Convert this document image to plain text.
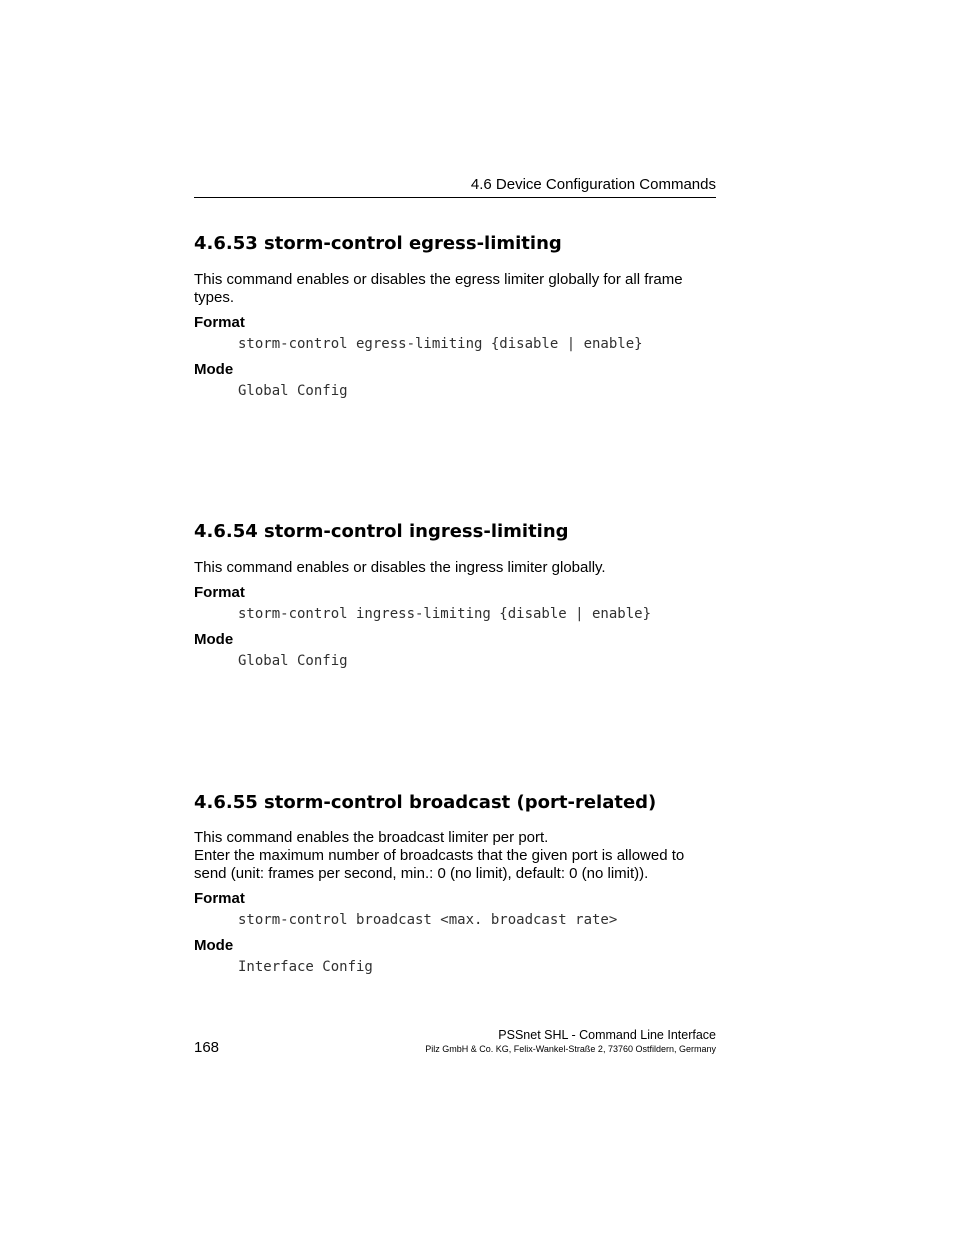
4.6 Device Configuration Commands
4.6.53 storm-control egress-limiting
This command enables or disables the egress limiter globally for all frame types.
Format
storm-control egress-limiting {disable | enable}
Mode
Global Config
4.6.54 storm-control ingress-limiting
This command enables or disables the ingress limiter globally.
Format
storm-control ingress-limiting {disable | enable}
Mode
Global Config
4.6.55 storm-control broadcast (port-related)
This command enables the broadcast limiter per port.
Enter the maximum number of broadcasts that the given port is allowed to send (unit: frames per second, min.: 0 (no limit), default: 0 (no limit)).
Format
storm-control broadcast <max. broadcast rate>
Mode
Interface Config
168
PSSnet SHL - Command Line Interface
Pilz GmbH & Co. KG, Felix-Wankel-Straße 2, 73760 Ostfildern, Germany
